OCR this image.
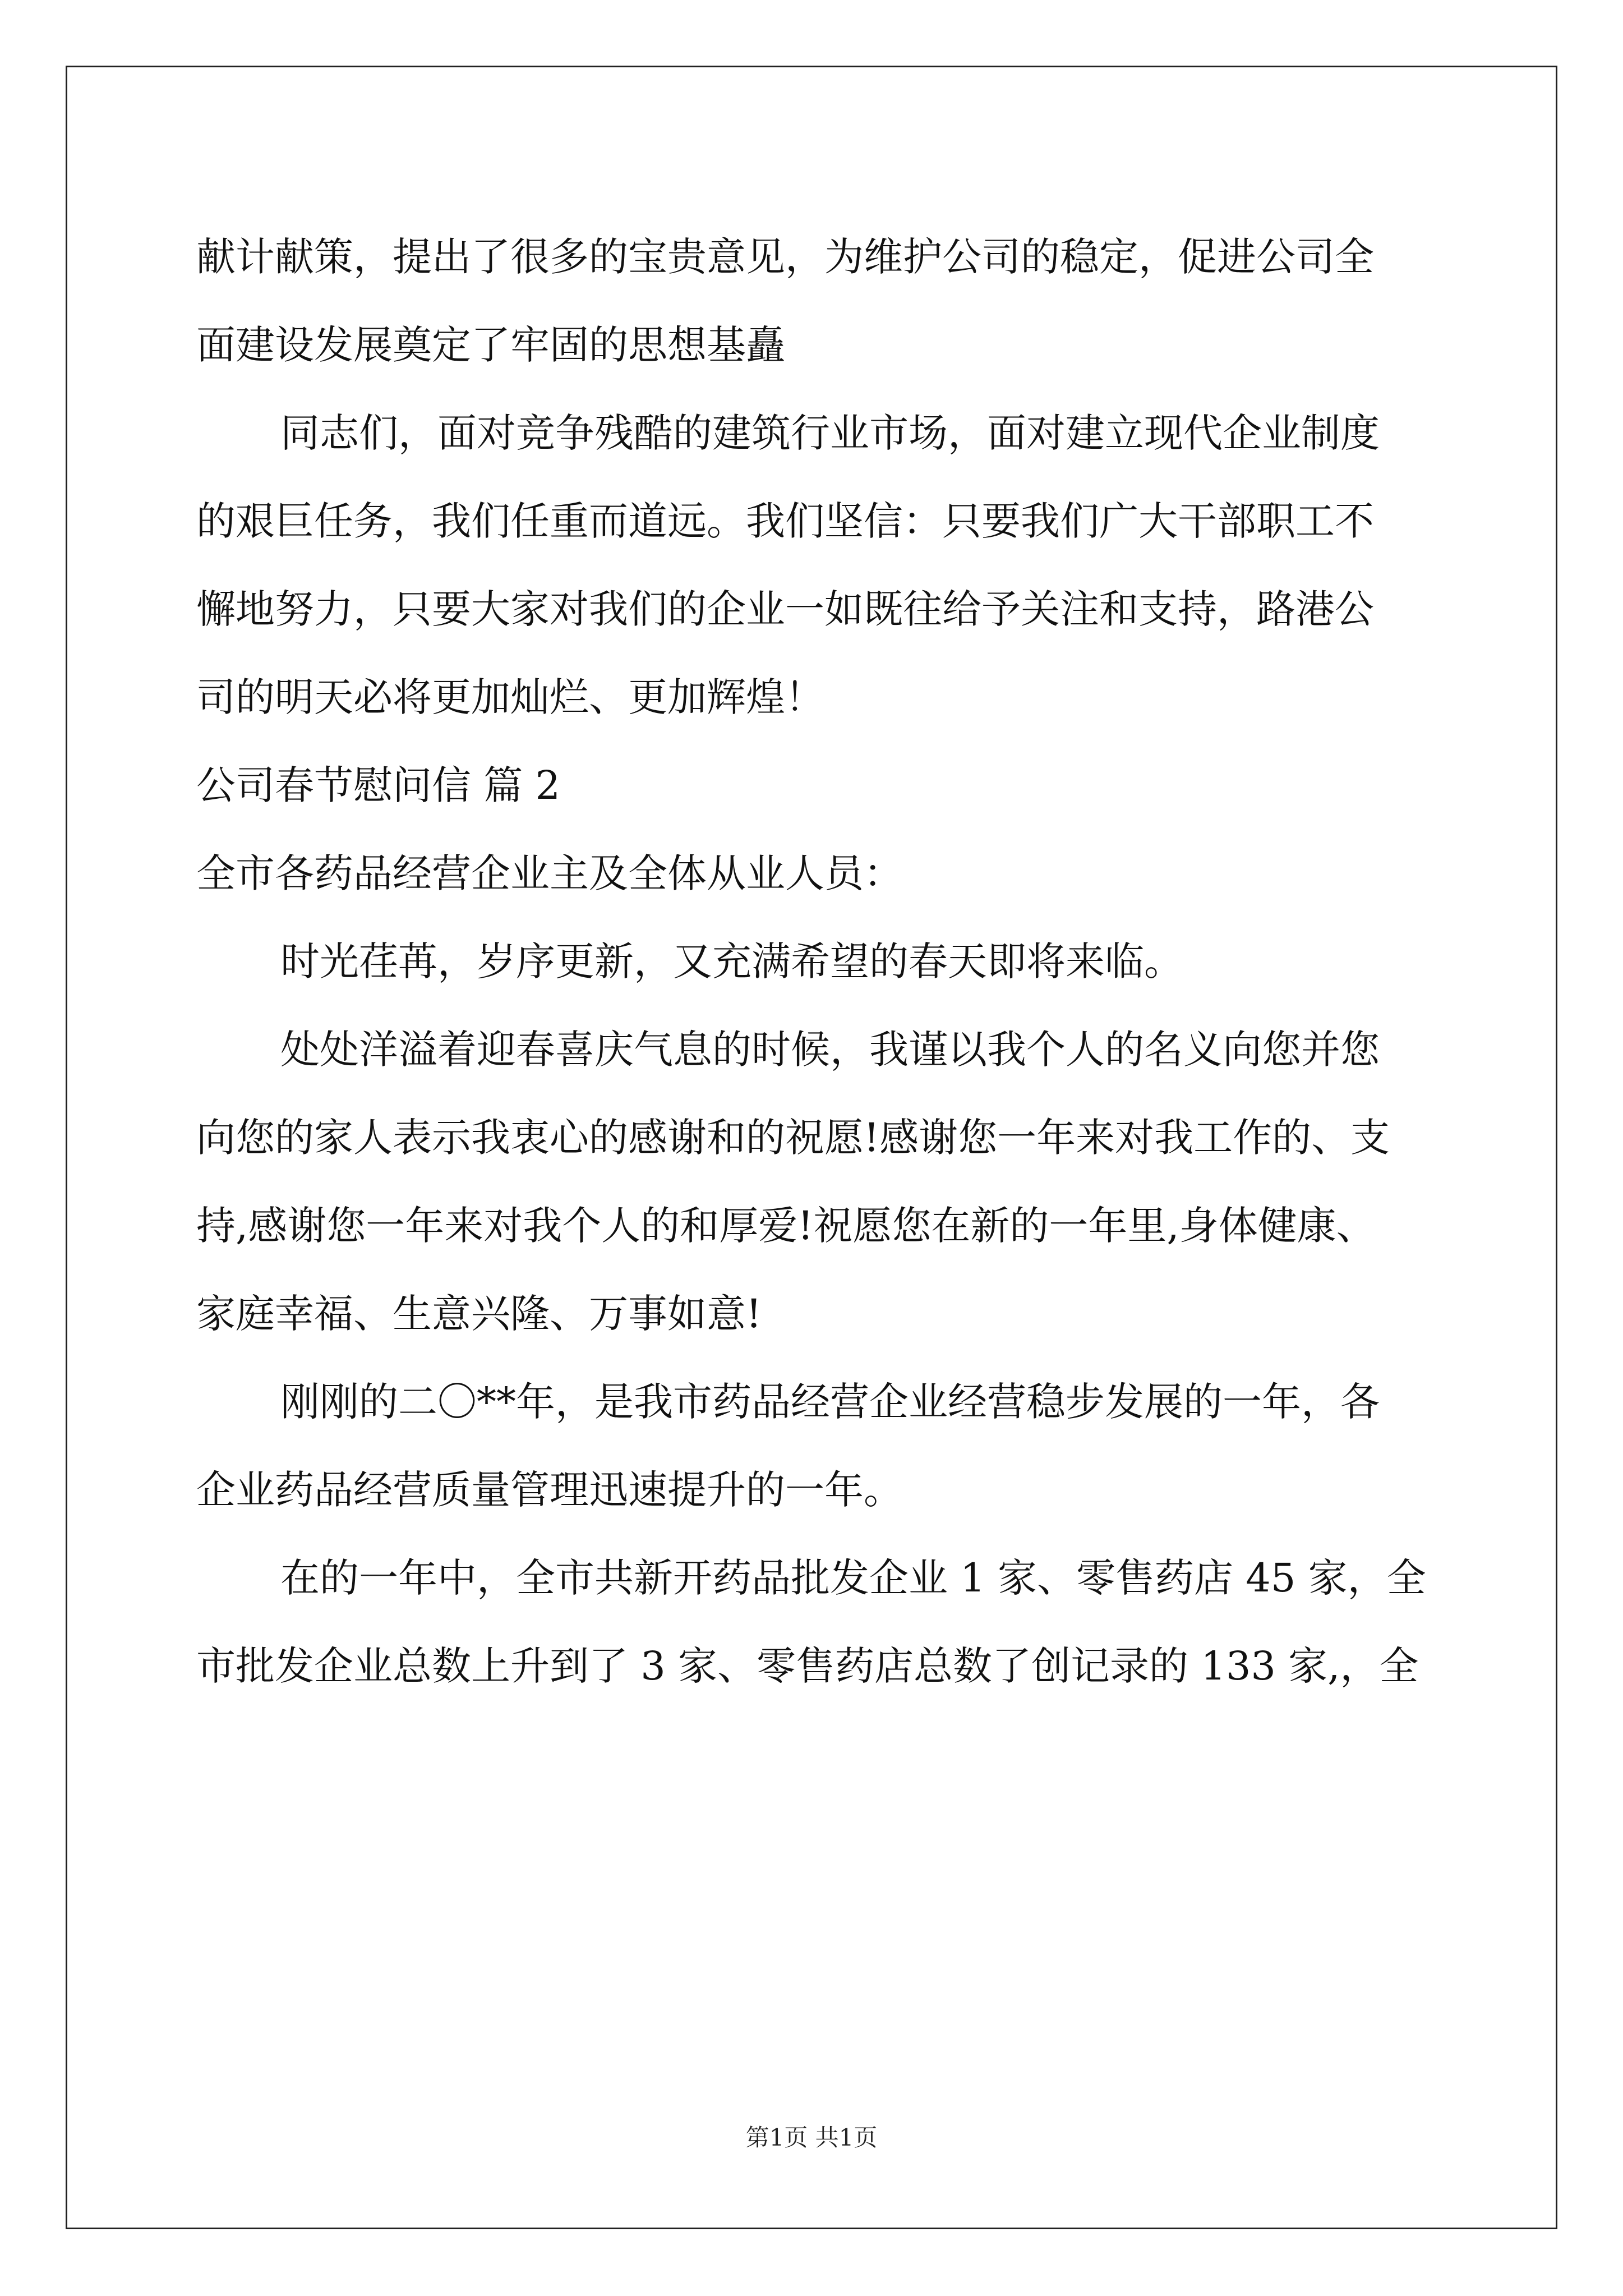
献计献策，提出了很多的宝贵意见，为维护公司的稳定，促进公司全
面建设发展奠定了牢固的思想基矗
同志们，面对竞争残酷的建筑行业市场，面对建立现代企业制度
的艰巨任务，我们任重而道远。我们坚信：只要我们广大干部职工不
懈地努力，只要大家对我们的企业一如既往给予关注和支持，路港公
司的明天必将更加灿烂、更加辉煌！
公司春节慰问信 篇 2
全市各药品经营企业主及全体从业人员：
时光荏苒，岁序更新，又充满希望的春天即将来临。
处处洋溢着迎春喜庆气息的时候，我谨以我个人的名义向您并您
向您的家人表示我衷心的感谢和的祝愿!感谢您一年来对我工作的、支
持,感谢您一年来对我个人的和厚爱!祝愿您在新的一年里,身体健康、
家庭幸福、生意兴隆、万事如意!
刚刚的二〇**年，是我市药品经营企业经营稳步发展的一年，各
企业药品经营质量管理迅速提升的一年。
在的一年中，全市共新开药品批发企业 1 家、零售药店 45 家，全
市批发企业总数上升到了 3 家、零售药店总数了创记录的 133 家,，全
第1页 共1页
